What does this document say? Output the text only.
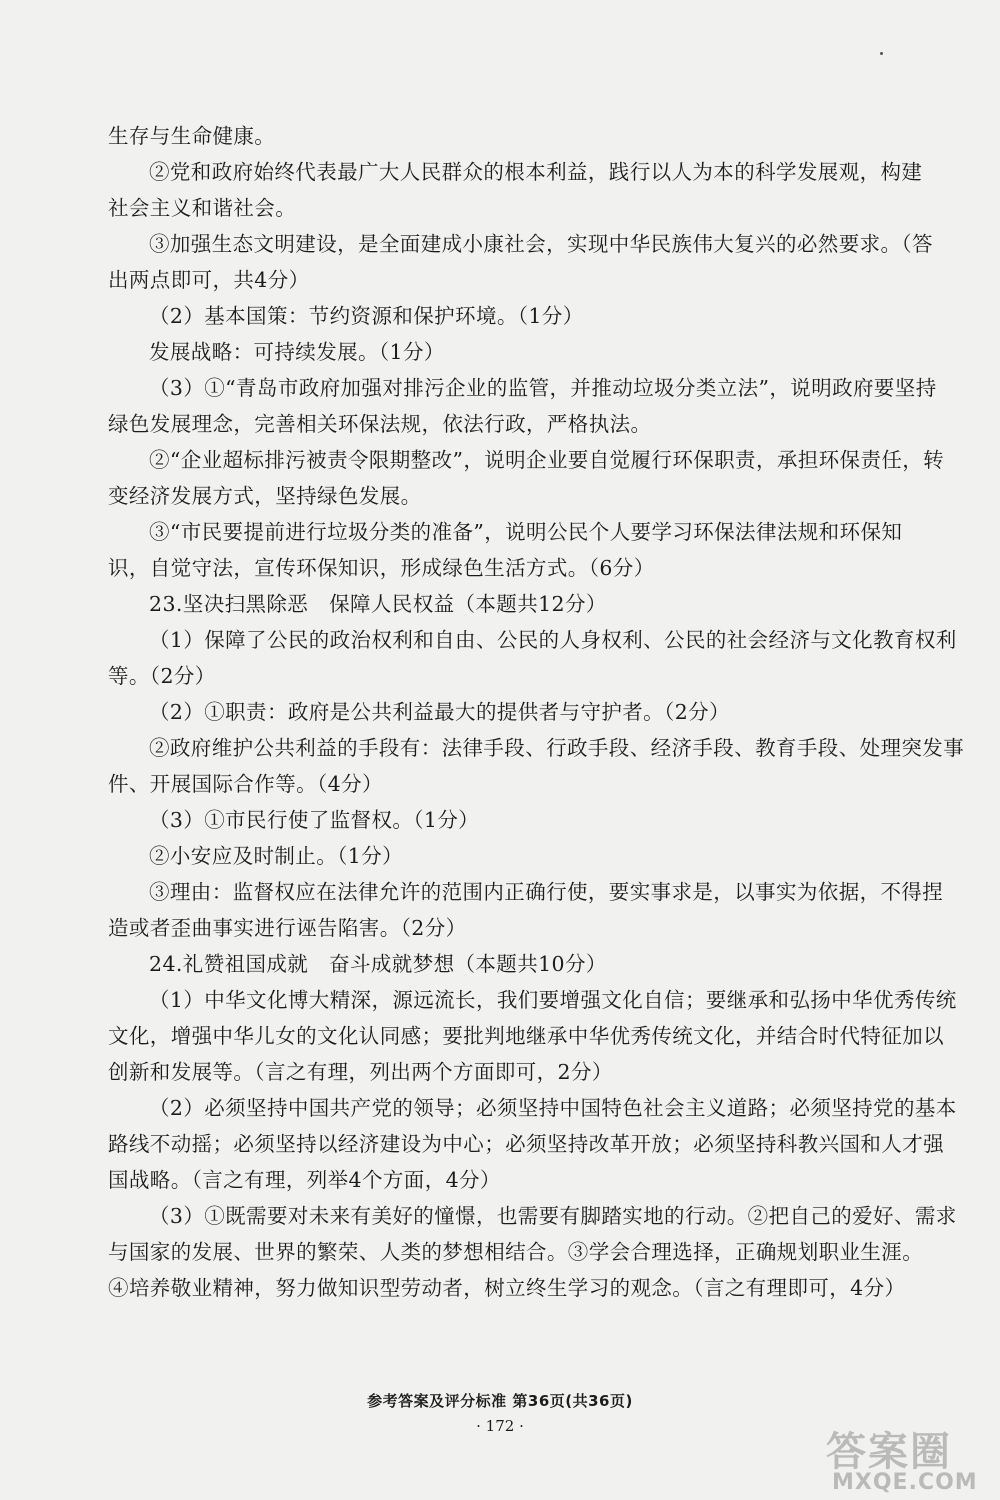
生存与生命健康。
②党和政府始终代表最广大人民群众的根本利益，践行以人为本的科学发展观，构建
社会主义和谐社会。
③加强生态文明建设，是全面建成小康社会，实现中华民族伟大复兴的必然要求。（答
出两点即可，共4分）
（2）基本国策：节约资源和保护环境。（1分）
发展战略：可持续发展。（1分）
（3）①“青岛市政府加强对排污企业的监管，并推动垃圾分类立法”，说明政府要坚持
绿色发展理念，完善相关环保法规，依法行政，严格执法。
②“企业超标排污被责令限期整改”，说明企业要自觉履行环保职责，承担环保责任，转
变经济发展方式，坚持绿色发展。
③“市民要提前进行垃圾分类的准备”，说明公民个人要学习环保法律法规和环保知
识，自觉守法，宣传环保知识，形成绿色生活方式。（6分）
23.坚决扫黑除恶　保障人民权益（本题共12分）
（1）保障了公民的政治权利和自由、公民的人身权利、公民的社会经济与文化教育权利
等。（2分）
（2）①职责：政府是公共利益最大的提供者与守护者。（2分）
②政府维护公共利益的手段有：法律手段、行政手段、经济手段、教育手段、处理突发事
件、开展国际合作等。（4分）
（3）①市民行使了监督权。（1分）
②小安应及时制止。（1分）
③理由：监督权应在法律允许的范围内正确行使，要实事求是，以事实为依据，不得捏
造或者歪曲事实进行诬告陷害。（2分）
24.礼赞祖国成就　奋斗成就梦想（本题共10分）
（1）中华文化博大精深，源远流长，我们要增强文化自信；要继承和弘扬中华优秀传统
文化，增强中华儿女的文化认同感；要批判地继承中华优秀传统文化，并结合时代特征加以
创新和发展等。（言之有理，列出两个方面即可，2分）
（2）必须坚持中国共产党的领导；必须坚持中国特色社会主义道路；必须坚持党的基本
路线不动摇；必须坚持以经济建设为中心；必须坚持改革开放；必须坚持科教兴国和人才强
国战略。（言之有理，列举4个方面，4分）
（3）①既需要对未来有美好的憧憬，也需要有脚踏实地的行动。②把自己的爱好、需求
与国家的发展、世界的繁荣、人类的梦想相结合。③学会合理选择，正确规划职业生涯。
④培养敬业精神，努力做知识型劳动者，树立终生学习的观念。（言之有理即可，4分）
参考答案及评分标准 第36页(共36页)
· 172 ·
答案圈
MXQE.COM
